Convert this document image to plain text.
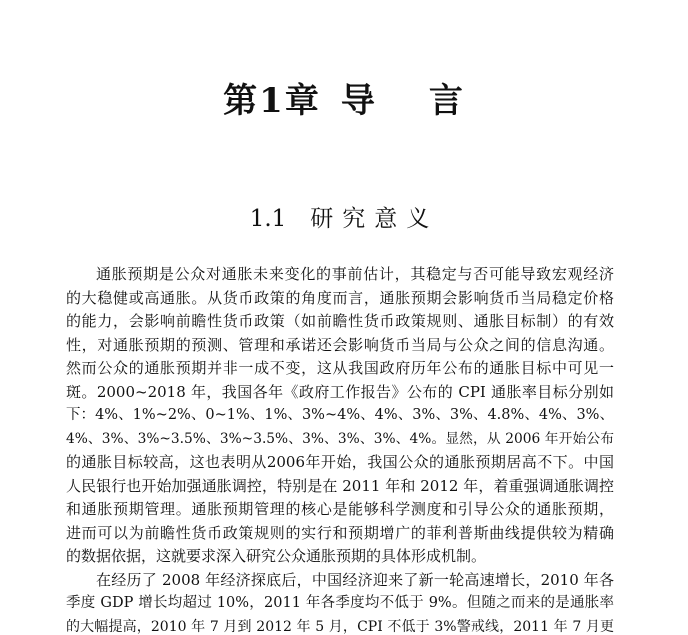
第1章 导 言
1.1 研究意义
通胀预期是公众对通胀未来变化的事前估计，其稳定与否可能导致宏观经济
的大稳健或高通胀。从货币政策的角度而言，通胀预期会影响货币当局稳定价格
的能力，会影响前瞻性货币政策（如前瞻性货币政策规则、通胀目标制）的有效
性，对通胀预期的预测、管理和承诺还会影响货币当局与公众之间的信息沟通。
然而公众的通胀预期并非一成不变，这从我国政府历年公布的通胀目标中可见一
斑。2000~2018 年，我国各年《政府工作报告》公布的 CPI 通胀率目标分别如
下：4%、1%~2%、0~1%、1%、3%~4%、4%、3%、3%、4.8%、4%、3%、
4%、3%、3%~3.5%、3%~3.5%、3%、3%、3%、4%。显然，从 2006 年开始公布
的通胀目标较高，这也表明从2006年开始，我国公众的通胀预期居高不下。中国
人民银行也开始加强通胀调控，特别是在 2011 年和 2012 年，着重强调通胀调控
和通胀预期管理。通胀预期管理的核心是能够科学测度和引导公众的通胀预期，
进而可以为前瞻性货币政策规则的实行和预期增广的菲利普斯曲线提供较为精确
的数据依据，这就要求深入研究公众通胀预期的具体形成机制。
在经历了 2008 年经济探底后，中国经济迎来了新一轮高速增长，2010 年各
季度 GDP 增长均超过 10%，2011 年各季度均不低于 9%。但随之而来的是通胀率
的大幅提高，2010 年 7 月到 2012 年 5 月，CPI 不低于 3%警戒线，2011 年 7 月更
